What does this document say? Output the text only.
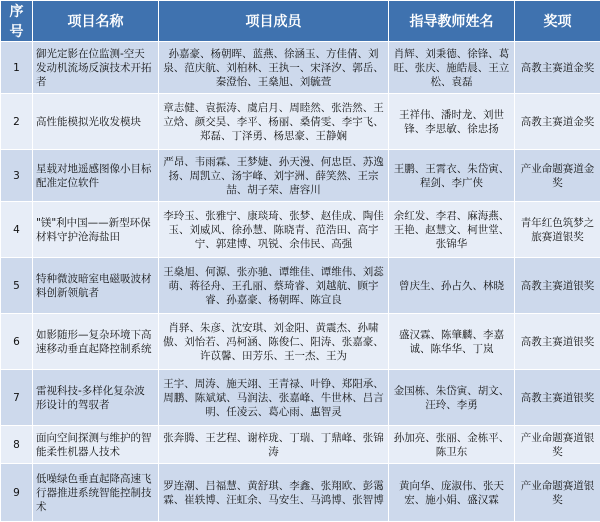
序号	项目名称	项目成员	指导教师姓名	奖项
1	御光定影在位监测-空天发动机流场反演技术开拓者	孙嘉豪、杨朝晖、蓝燕、徐涵玉、方佳倩、刘泉、范庆航、刘柏林、王执一、宋泽汐、郭岳、秦澄怡、王燊旭、刘毓萱	肖辉、刘秉德、徐锋、葛旺、张庆、施皓晨、王立松、袁磊	高教主赛道金奖
2	高性能模拟光收发模块	章志健、袁振涛、虞启月、周睦然、张浩然、王立焓、颜交昊、李平、杨丽、桑倩雯、李宇飞、郑磊、丁泽勇、杨思豪、王静娴	王祥伟、潘时龙、刘世锋、李思敏、徐忠扬	高教主赛道金奖
3	星载对地遥感图像小目标配准定位软件	严昂、韦雨霖、王梦婕、孙天漫、何忠臣、苏逸扬、周凯立、汤宇峰、刘宇洲、薛笑然、王宗喆、胡子荣、唐容川	王鹏、王霄衣、朱岱寅、程剑、李广侠	产业命题赛道金奖
4	"镁"利中国——新型环保材料守护沧海盐田	李玲玉、张雅宁、康琰琦、张梦、赵佳成、陶佳玉、刘威风、徐孙慧、陈晓青、范浩田、高宇宁、郭建博、巩锐、余伟民、高强	余红发、李君、麻海燕、王艳、赵慧文、柯世堂、张锦华	青年红色筑梦之旅赛道银奖
5	特种微波暗室电磁吸波材料创新领航者	王燊旭、何源、张亦驰、谭维佳、谭维伟、刘蕊萌、蒋径舟、王孔丽、蔡琦睿、刘越航、顾宇睿、孙嘉豪、杨朝晖、陈宣良	曾庆生、孙占久、林晓	高教主赛道银奖
6	如影随形—复杂环境下高速移动垂直起降控制系统	肖驿、朱彦、沈安琪、刘金阳、黄震杰、孙啸傲、刘怡若、冯柯涵、陈俊仁、阳涛、张嘉豪、许苡馨、田芳乐、王一杰、王为	盛汉霖、陈肇麟、李嘉诚、陈华华、丁岚	高教主赛道银奖
7	雷视科技-多样化复杂波形设计的驾驭者	王宇、周涛、施天翊、王青禄、叶铮、郑阳承、周鹏、陈斌斌、马润法、张嘉峰、牛世林、吕言明、任凌云、葛心雨、惠智灵	金国栋、朱岱寅、胡文、汪玲、李勇	高教主赛道银奖
8	面向空间探测与维护的智能柔性机器人技术	张奔腾、王艺程、谢梓珑、丁瑞、丁鼎峰、张锦涛	孙加亮、张丽、金栋平、陈卫东	产业命题赛道银奖
9	低噪绿色垂直起降高速飞行器推进系统智能控制技术	罗连潮、吕福慧、黄舒琪、李鑫、张翔欧、彭霭霖、崔轶博、汪虹余、马安生、马鸿博、张智博	黄向华、庞淑伟、张天宏、施小娟、盛汉霖	产业命题赛道银奖
